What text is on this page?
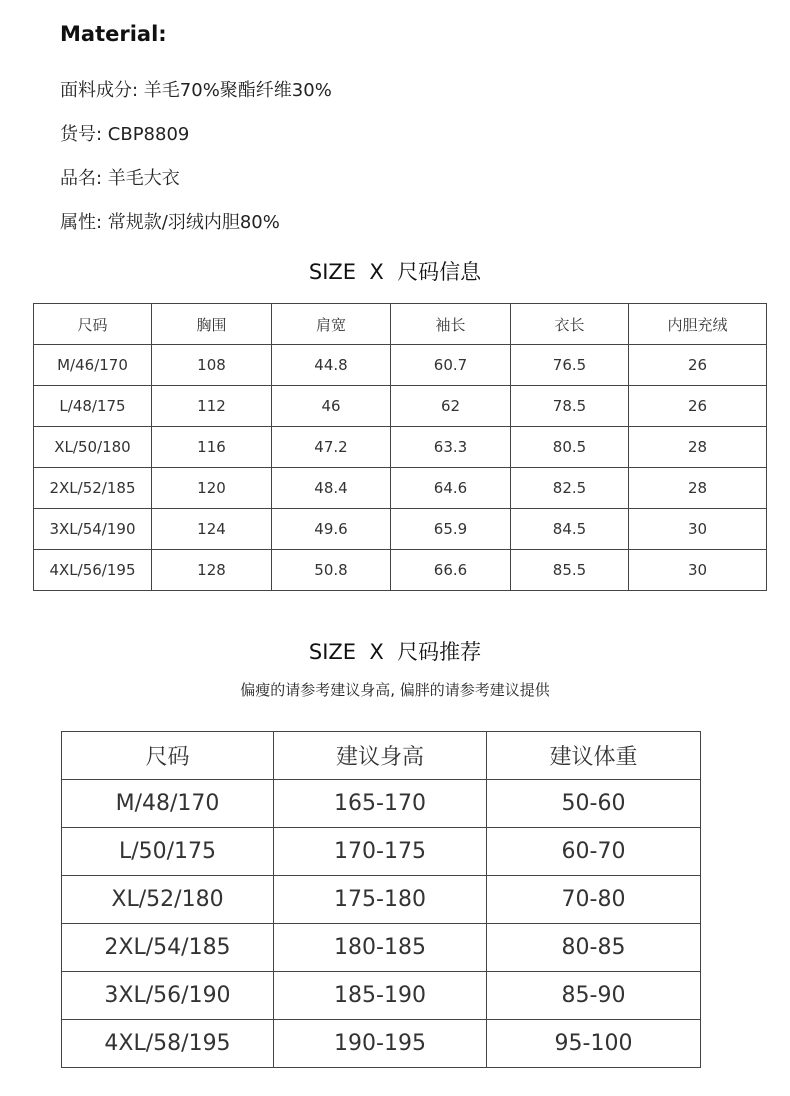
Material:
面料成分: 羊毛70%聚酯纤维30%
货号: CBP8809
品名: 羊毛大衣
属性: 常规款/羽绒内胆80%
SIZE  X  尺码信息
尺码	胸围	肩宽	袖长	衣长	内胆充绒
M/46/170	108	44.8	60.7	76.5	26
L/48/175	112	46	62	78.5	26
XL/50/180	116	47.2	63.3	80.5	28
2XL/52/185	120	48.4	64.6	82.5	28
3XL/54/190	124	49.6	65.9	84.5	30
4XL/56/195	128	50.8	66.6	85.5	30
SIZE  X  尺码推荐
偏瘦的请参考建议身高, 偏胖的请参考建议提供
尺码	建议身高	建议体重
M/48/170	165-170	50-60
L/50/175	170-175	60-70
XL/52/180	175-180	70-80
2XL/54/185	180-185	80-85
3XL/56/190	185-190	85-90
4XL/58/195	190-195	95-100
